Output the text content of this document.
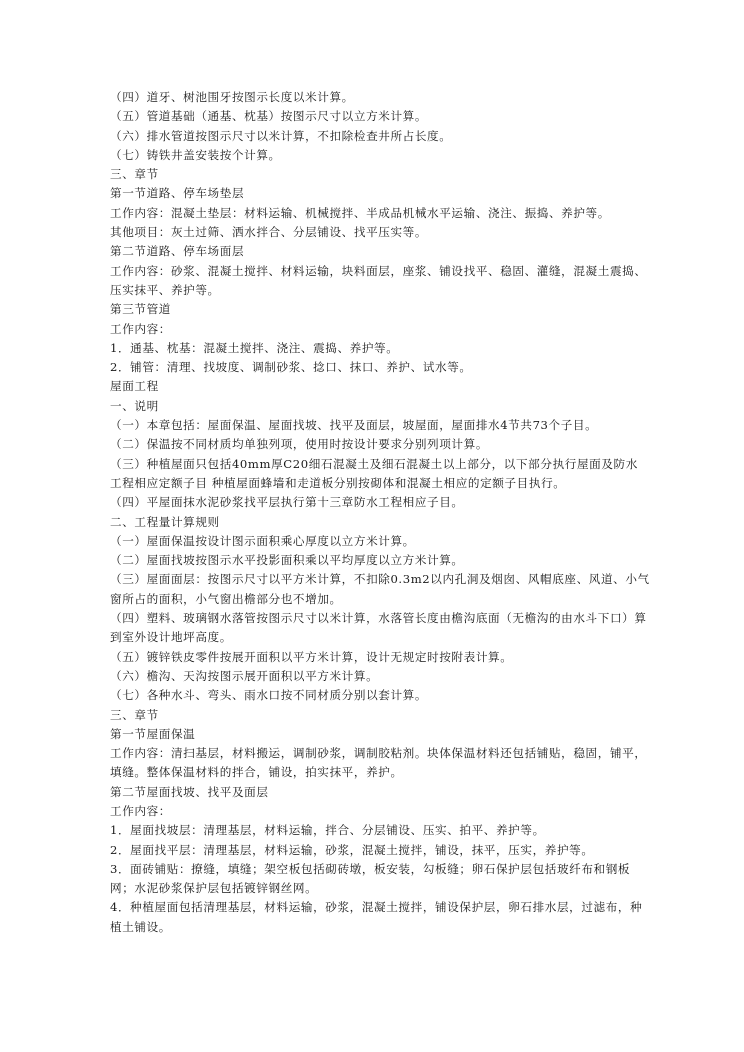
（四）道牙、树池围牙按图示长度以米计算。
（五）管道基础（通基、枕基）按图示尺寸以立方米计算。
（六）排水管道按图示尺寸以米计算，不扣除检查井所占长度。
（七）铸铁井盖安装按个计算。
三、章节
第一节道路、停车场垫层
工作内容：混凝土垫层：材料运输、机械搅拌、半成品机械水平运输、浇注、振捣、养护等。
其他项目：灰土过筛、洒水拌合、分层铺设、找平压实等。
第二节道路、停车场面层
工作内容：砂浆、混凝土搅拌、材料运输，块料面层，座浆、铺设找平、稳固、灌缝，混凝土震捣、压实抹平、养护等。
第三节管道
工作内容：
1．通基、枕基：混凝土搅拌、浇注、震捣、养护等。
2．铺管：清理、找坡度、调制砂浆、捻口、抹口、养护、试水等。
屋面工程
一、说明
（一）本章包括：屋面保温、屋面找坡、找平及面层，坡屋面，屋面排水4节共73个子目。
（二）保温按不同材质均单独列项，使用时按设计要求分别列项计算。
（三）种植屋面只包括40mm厚C20细石混凝土及细石混凝土以上部分，以下部分执行屋面及防水工程相应定额子目 种植屋面蜂墙和走道板分别按砌体和混凝土相应的定额子目执行。
（四）平屋面抹水泥砂浆找平层执行第十三章防水工程相应子目。
二、工程量计算规则
（一）屋面保温按设计图示面积乘心厚度以立方米计算。
（二）屋面找坡按图示水平投影面积乘以平均厚度以立方米计算。
（三）屋面面层：按图示尺寸以平方米计算，不扣除0.3m2以内孔洞及烟囱、风帽底座、风道、小气窗所占的面积，小气窗出檐部分也不增加。
（四）塑料、玻璃钢水落管按图示尺寸以米计算，水落管长度由檐沟底面（无檐沟的由水斗下口）算到室外设计地坪高度。
（五）镀锌铁皮零件按展开面积以平方米计算，设计无规定时按附表计算。
（六）檐沟、天沟按图示展开面积以平方米计算。
（七）各种水斗、弯头、雨水口按不同材质分别以套计算。
三、章节
第一节屋面保温
工作内容：清扫基层，材料搬运，调制砂浆，调制胶粘剂。块体保温材料还包括铺贴，稳固，铺平，填缝。整体保温材料的拌合，铺设，拍实抹平，养护。
第二节屋面找坡、找平及面层
工作内容：
1．屋面找坡层：清理基层，材料运输，拌合、分层铺设、压实、拍平、养护等。
2．屋面找平层：清理基层，材料运输，砂浆，混凝土搅拌，铺设，抹平，压实，养护等。
3．面砖铺贴：撩缝，填缝；架空板包括砌砖墩，板安装，勾板缝；卵石保护层包括玻纤布和钢板网；水泥砂浆保护层包括镀锌钢丝网。
4．种植屋面包括清理基层，材料运输，砂浆，混凝土搅拌，铺设保护层，卵石排水层，过滤布，种植土铺设。
